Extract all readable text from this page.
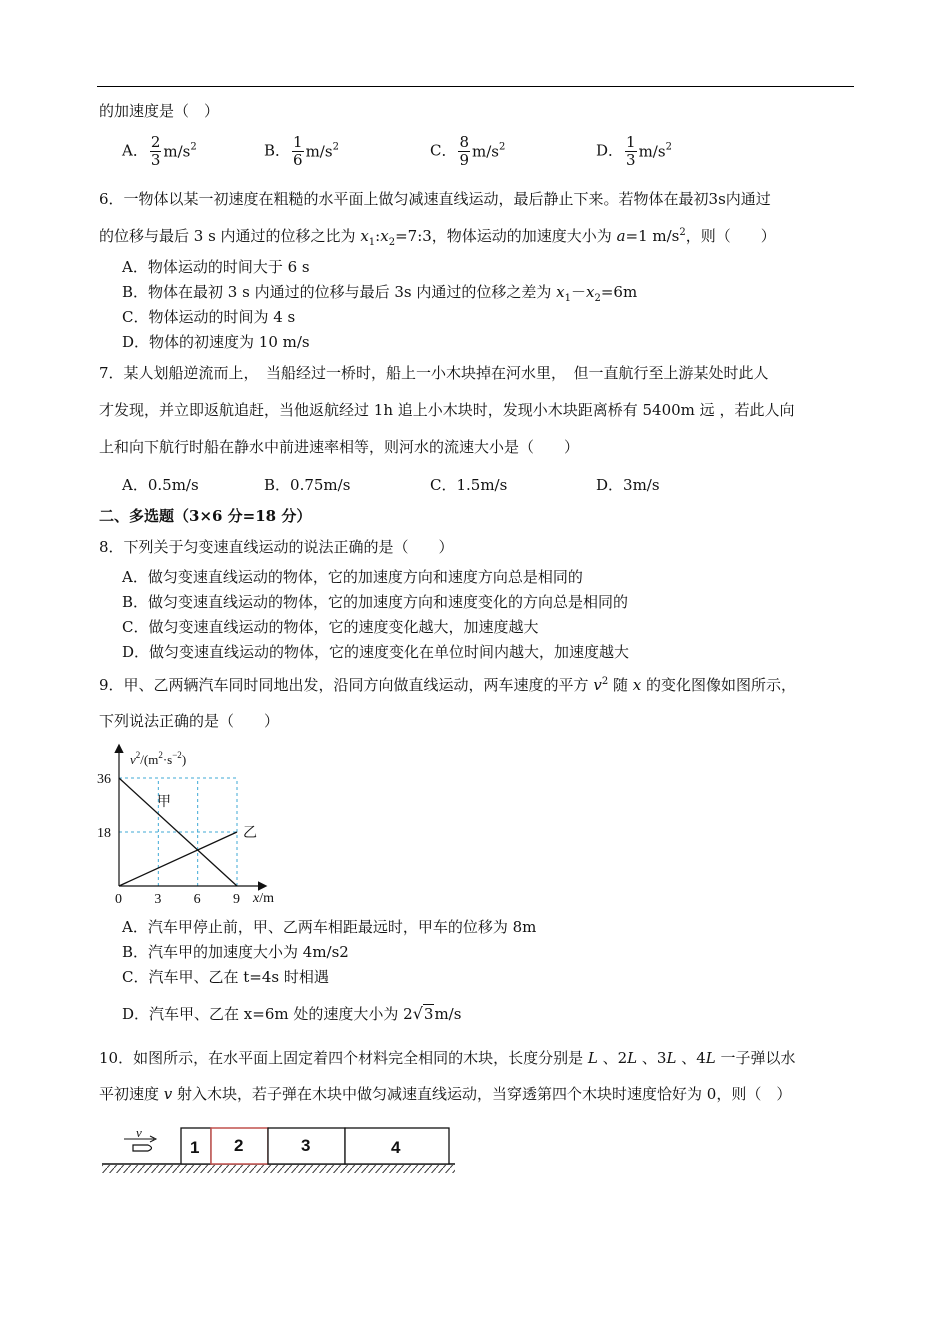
的加速度是（　）
A． $\frac{2}{3} m/s^2$	B． $\frac{1}{6} m/s^2$	C． $\frac{8}{9} m/s^2$	D． $\frac{1}{3} m/s^2$
6．一物体以某一初速度在粗糙的水平面上做匀减速直线运动，最后静止下来。若物体在最初3s内通过
的位移与最后 3 s 内通过的位移之比为 $x_1:x_2=7:3$，物体运动的加速度大小为 a=1 $m/s^2$，则（　　）
A．物体运动的时间大于 6 s
B．物体在最初 3 s 内通过的位移与最后 3s 内通过的位移之差为 $x_1-x_2=6m$
C．物体运动的时间为 4 s
D．物体的初速度为 10 m/s
7．某人划船逆流而上，　当船经过一桥时，船上一小木块掉在河水里，　但一直航行至上游某处时此人
才发现，并立即返航追赶，当他返航经过 1h 追上小木块时，发现小木块距离桥有 5400m 远 ，若此人向
上和向下航行时船在静水中前进速率相等，则河水的流速大小是（　　）
A．0.5m/s	B．0.75m/s	C．1.5m/s	D．3m/s
二、多选题（3×6 分=18 分）
8．下列关于匀变速直线运动的说法正确的是（　　）
A．做匀变速直线运动的物体，它的加速度方向和速度方向总是相同的
B．做匀变速直线运动的物体，它的加速度方向和速度变化的方向总是相同的
C．做匀变速直线运动的物体，它的速度变化越大，加速度越大
D．做匀变速直线运动的物体，它的速度变化在单位时间内越大，加速度越大
9．甲、乙两辆汽车同时同地出发，沿同方向做直线运动，两车速度的平方 $v^2$ 随 x 的变化图像如图所示，
下列说法正确的是（　　）
3 6 9
18
36
甲
乙
$v^2/(m^2\cdot s^{-2})$
x/m
0
A．汽车甲停止前，甲、乙两车相距最远时，甲车的位移为 8m
B．汽车甲的加速度大小为 4m/s2
C．汽车甲、乙在 t=4s 时相遇
D．汽车甲、乙在 x=6m 处的速度大小为 2√3m/s
10．如图所示，在水平面上固定着四个材料完全相同的木块，长度分别是 L 、2L 、3L 、4L 一子弹以水
平初速度 v 射入木块，若子弹在木块中做匀减速直线运动，当穿透第四个木块时速度恰好为 0，则（　）
v
1 2	3	4
